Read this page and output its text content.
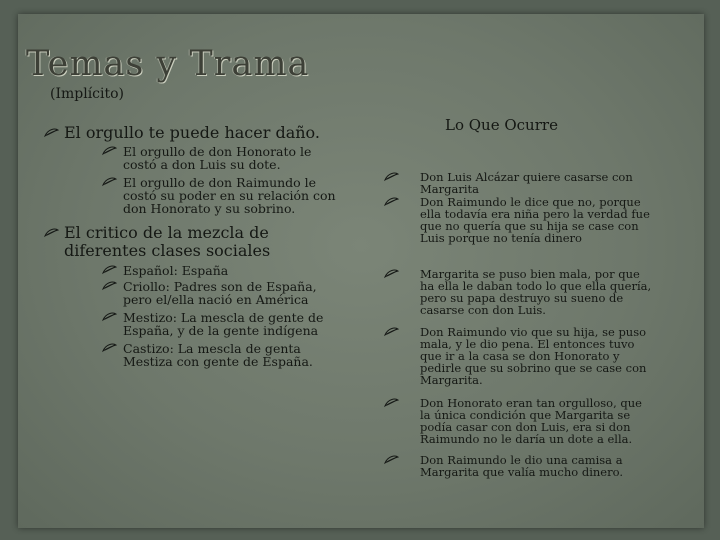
Temas y Trama

(Implícito)

El orgullo te puede hacer daño.
El orgullo de don Honorato le costó a don Luis su dote.
El orgullo de don Raimundo le costó su poder en su relación con don Honorato y su sobrino.
El critico de la mezcla de diferentes clases sociales
Español: España
Criollo: Padres son de España, pero el/ella nació en América
Mestizo: La mescla de gente de España, y de la gente indígena
Castizo: La mescla de genta Mestiza con gente de España.

Lo Que Ocurre

Don Luis Alcázar quiere casarse con Margarita
Don Raimundo le dice que no, porque ella todavía era niña pero la verdad fue que no quería que su hija se case con Luis porque no tenía dinero
Margarita se puso bien mala, por que ha ella le daban todo lo que ella quería, pero su papa destruyo su sueno de casarse con don Luis.
Don Raimundo vio que su hija, se puso mala, y le dio pena. El entonces tuvo que ir a la casa se don Honorato y pedirle que su sobrino que se case con Margarita.
Don Honorato eran tan orgulloso, que la única condición que Margarita se podía casar con don Luis, era si don Raimundo no le daría un dote a ella.
Don Raimundo le dio una camisa a Margarita que valía mucho dinero.
